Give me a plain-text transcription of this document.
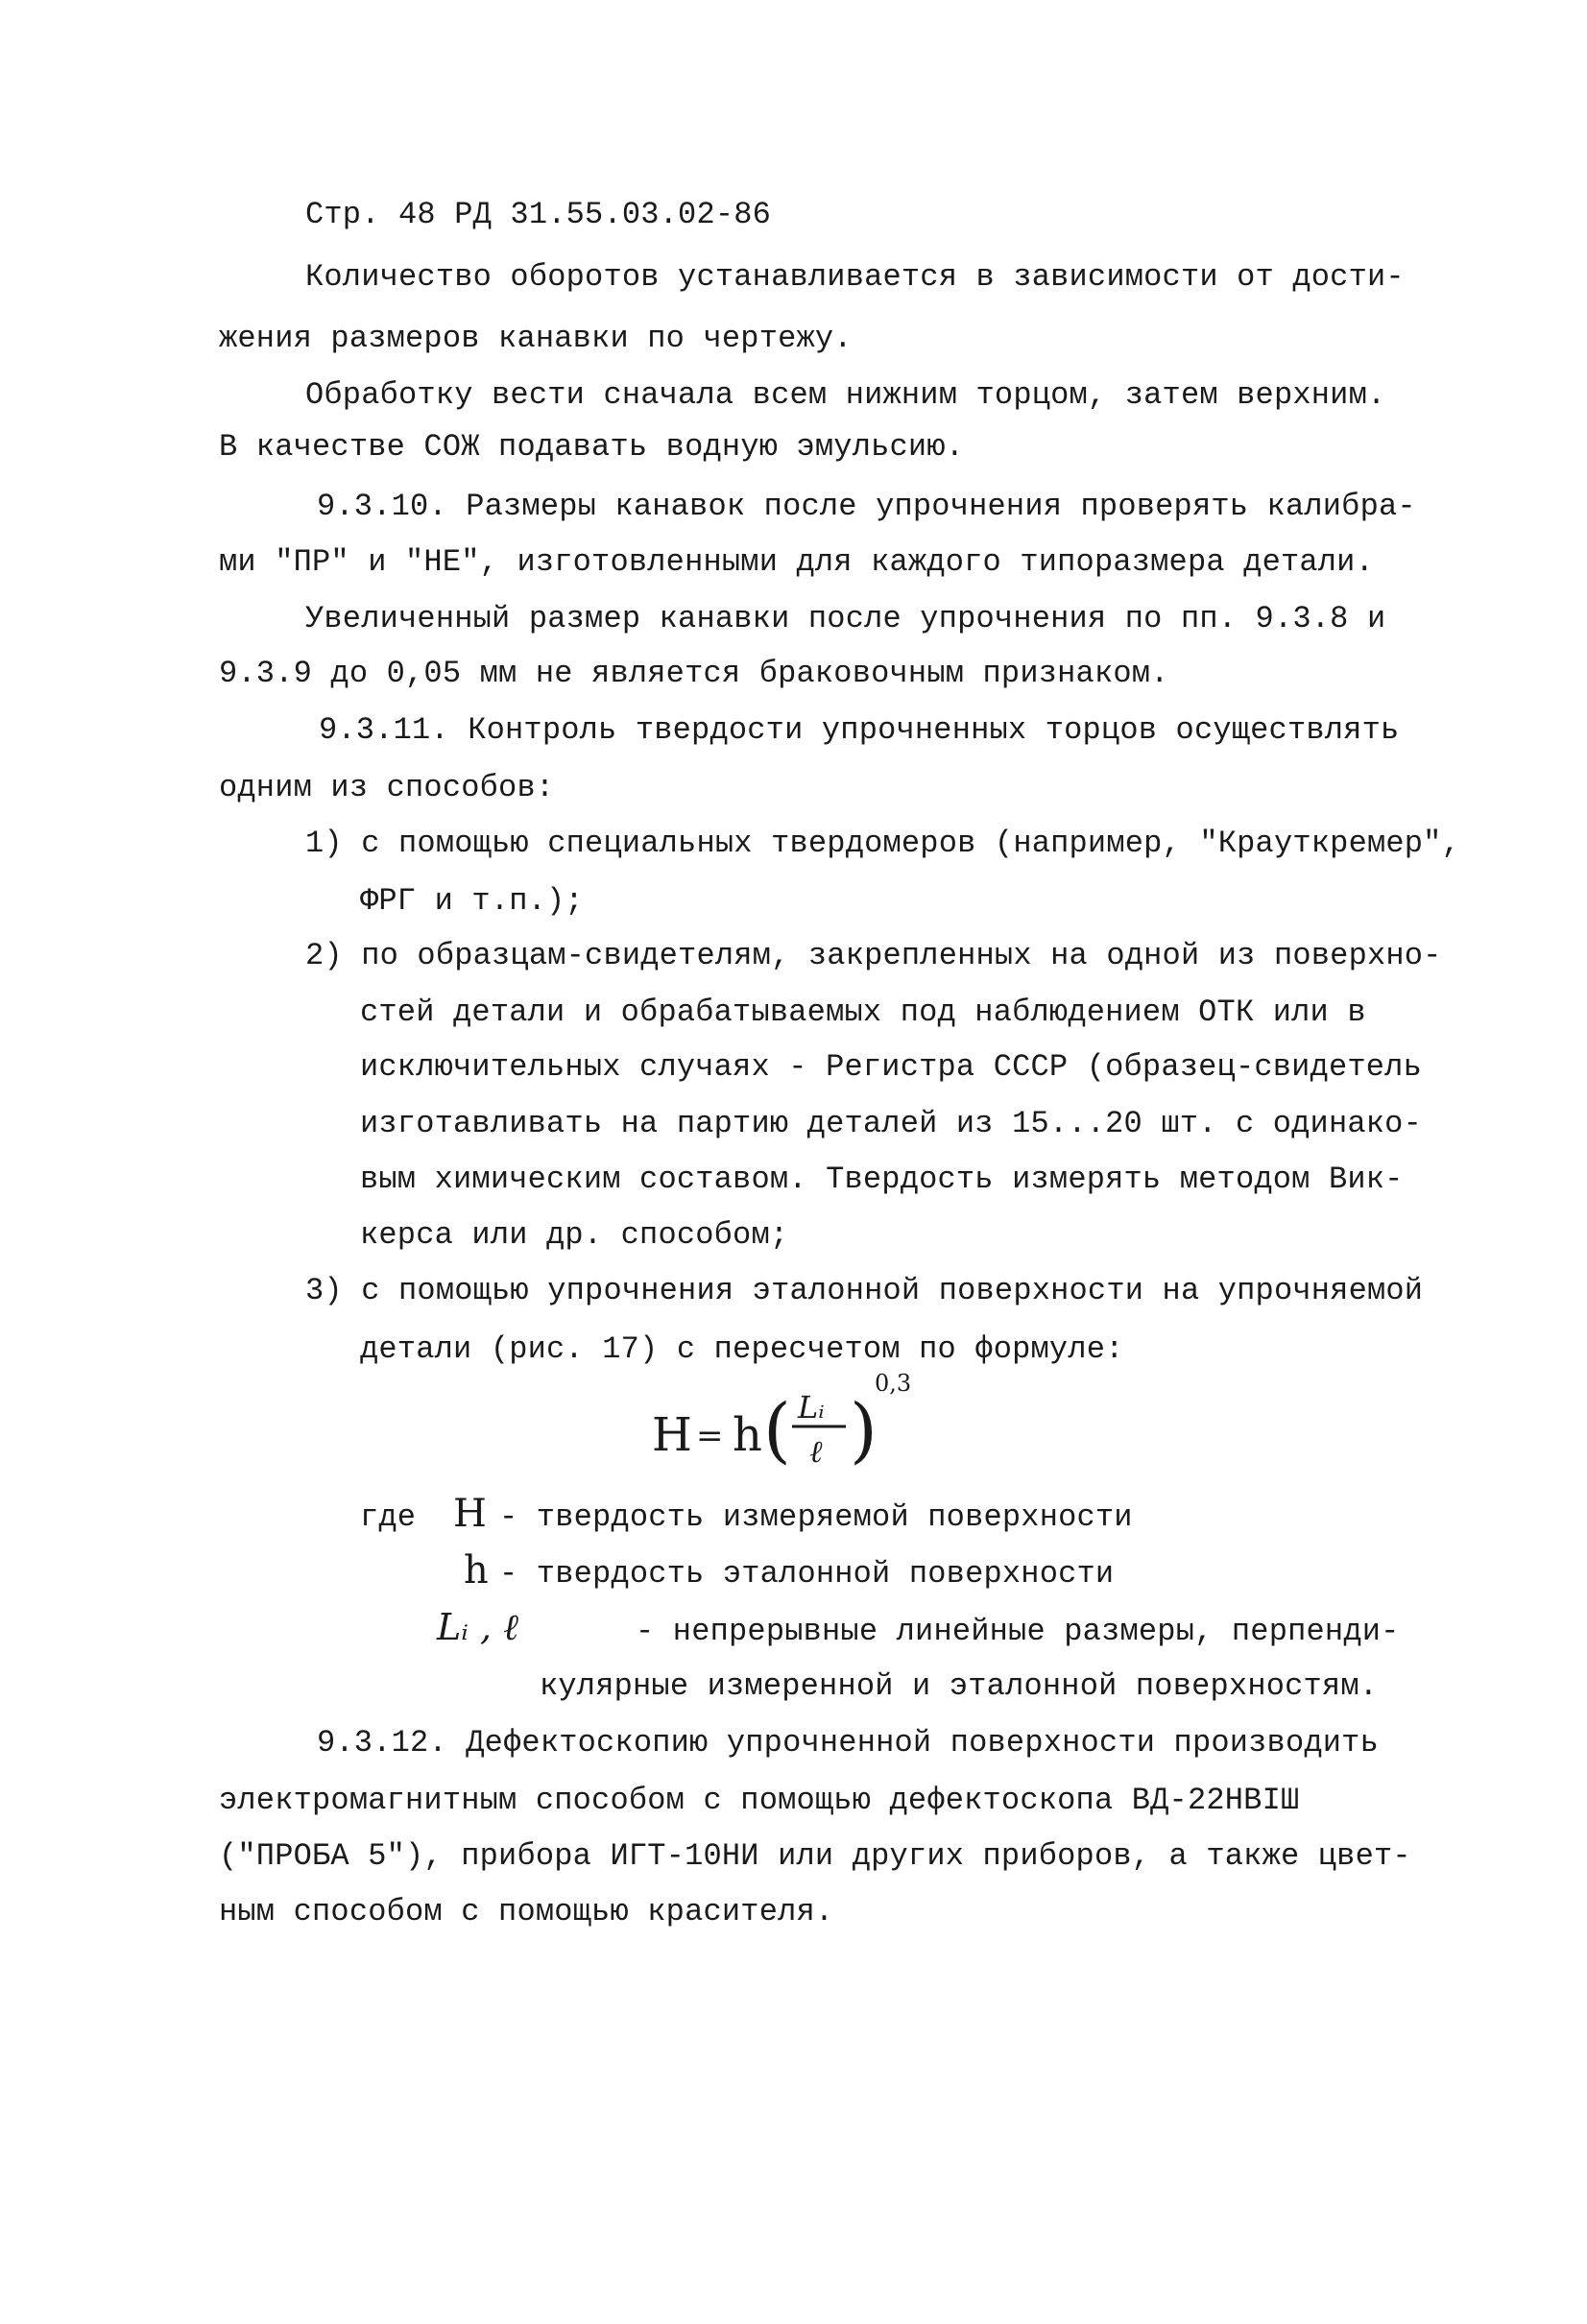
Стр. 48 РД 31.55.03.02-86
Количество оборотов устанавливается в зависимости от дости-
жения размеров канавки по чертежу.
Обработку вести сначала всем нижним торцом, затем верхним.
В качестве СОЖ подавать водную эмульсию.
9.3.10. Размеры канавок после упрочнения проверять калибра-
ми "ПР" и "НЕ", изготовленными для каждого типоразмера детали.
Увеличенный размер канавки после упрочнения по пп. 9.3.8 и
9.3.9 до 0,05 мм не является браковочным признаком.
9.3.11. Контроль твердости упрочненных торцов осуществлять
одним из способов:
1) с помощью специальных твердомеров (например, "Крауткремер",
ФРГ и т.п.);
2) по образцам-свидетелям, закрепленных на одной из поверхно-
стей детали и обрабатываемых под наблюдением ОТК или в
исключительных случаях - Регистра СССР (образец-свидетель
изготавливать на партию деталей из 15...20 шт. с одинако-
вым химическим составом. Твердость измерять методом Вик-
керса или др. способом;
3) с помощью упрочнения эталонной поверхности на упрочняемой
детали (рис. 17) с пересчетом по формуле:
H = h ( Lᵢ
ℓ )
0,3
где H - твердость измеряемой поверхности
h - твердость эталонной поверхности
Lᵢ , ℓ	- непрерывные линейные размеры, перпенди-
кулярные измеренной и эталонной поверхностям.
9.3.12. Дефектоскопию упрочненной поверхности производить
электромагнитным способом с помощью дефектоскопа ВД-22НВIШ
("ПРОБА 5"), прибора ИГТ-10НИ или других приборов, а также цвет-
ным способом с помощью красителя.
